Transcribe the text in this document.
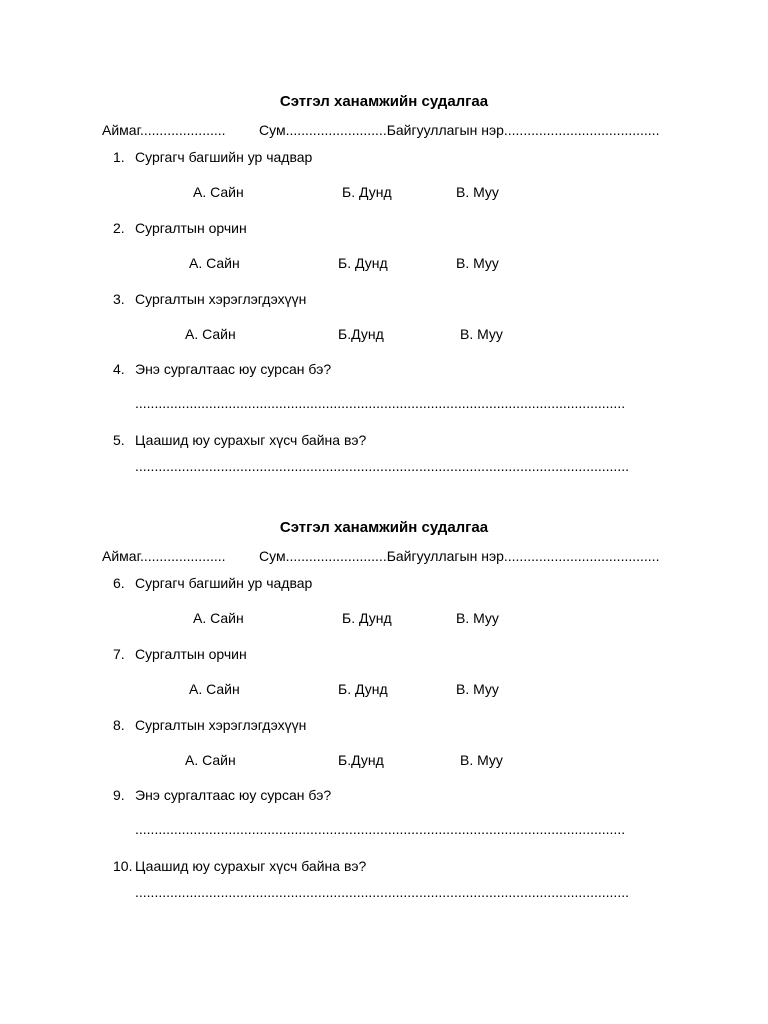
Сэтгэл ханамжийн судалгаа
Аймаг...................... Сум..........................Байгууллагын нэр........................................
1. Сургагч багшийн ур чадвар
А. Сайн	Б. Дунд	В. Муу
2. Сургалтын орчин
А. Сайн	Б. Дунд	В. Муу
3. Сургалтын хэрэглэгдэхүүн
А. Сайн	Б.Дунд	В. Муу
4. Энэ сургалтаас юу сурсан бэ?
..............................................................................................................................
5. Цаашид юу сурахыг хүсч байна вэ?
...............................................................................................................................
Сэтгэл ханамжийн судалгаа
Аймаг...................... Сум..........................Байгууллагын нэр........................................
6. Сургагч багшийн ур чадвар
А. Сайн	Б. Дунд	В. Муу
7. Сургалтын орчин
А. Сайн	Б. Дунд	В. Муу
8. Сургалтын хэрэглэгдэхүүн
А. Сайн	Б.Дунд	В. Муу
9. Энэ сургалтаас юу сурсан бэ?
..............................................................................................................................
10. Цаашид юу сурахыг хүсч байна вэ?
...............................................................................................................................
